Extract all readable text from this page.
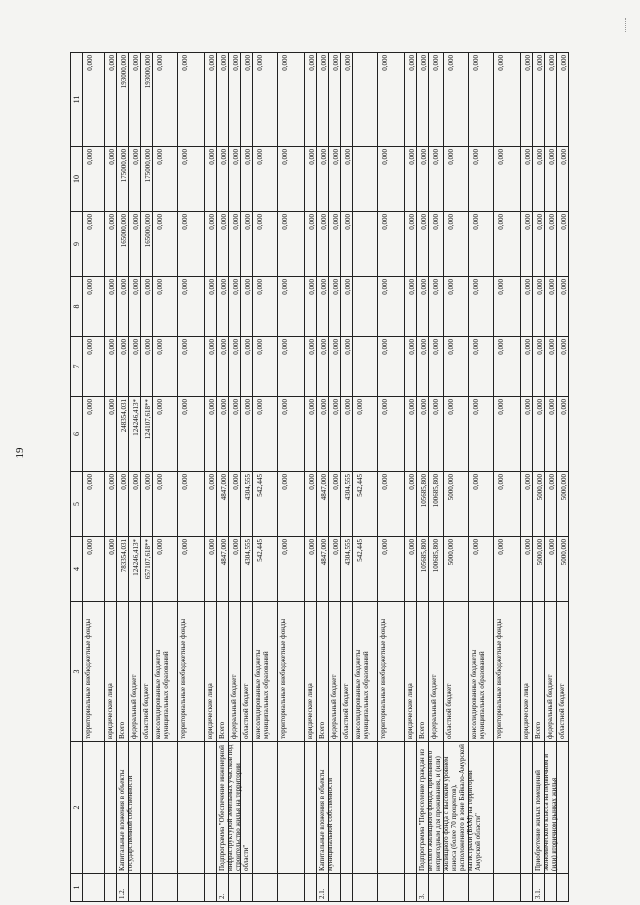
19
1
2
3
4
5
6
7
8
9
10
11
территориальные внебюджетные фонды
0,000
0,000
0,000
0,000
0,000
0,000
0,000
0,000
юридические лица
0,000
0,000
0,000
0,000
0,000
0,000
0,000
0,000
1.2.
Капитальные вложения в объекты государственной собственности
Всего
783354,031
0,000
248354,031
0,000
0,000
165000,000
175000,000
193000,000
федеральный бюджет
124246,413*
0,000
124246,413*
0,000
0,000
0,000
0,000
0,000
областной бюджет
657107,618**
0,000
124107,618**
0,000
0,000
165000,000
175000,000
193000,000
консолидированные бюджеты муниципальных образований
0,000
0,000
0,000
0,000
0,000
0,000
0,000
0,000
территориальные внебюджетные фонды
0,000
0,000
0,000
0,000
0,000
0,000
0,000
0,000
юридические лица
0,000
0,000
0,000
0,000
0,000
0,000
0,000
0,000
2.
Подпрограмма "Обеспечение инженерной инфраструктурой земельных участков под строительство жилья на территории области"
Всего
4847,000
4847,000
0,000
0,000
0,000
0,000
0,000
0,000
федеральный бюджет
0,000
0,000
0,000
0,000
0,000
0,000
0,000
0,000
областной бюджет
4304,555
4304,555
0,000
0,000
0,000
0,000
0,000
0,000
консолидированные бюджеты муниципальных образований
542,445
542,445
0,000
0,000
0,000
0,000
0,000
0,000
территориальные внебюджетные фонды
0,000
0,000
0,000
0,000
0,000
0,000
0,000
0,000
юридические лица
0,000
0,000
0,000
0,000
0,000
0,000
0,000
0,000
2.1.
Капитальные вложения в объекты муниципальной собственности
Всего
4847,000
4847,000
0,000
0,000
0,000
0,000
0,000
0,000
федеральный бюджет
0,000
0,000
0,000
0,000
0,000
0,000
0,000
0,000
областной бюджет
4304,555
4304,555
0,000
0,000
0,000
0,000
0,000
0,000
консолидированные бюджеты муниципальных образований
542,445
542,445
0,000
территориальные внебюджетные фонды
0,000
0,000
0,000
0,000
0,000
0,000
0,000
0,000
юридические лица
0,000
0,000
0,000
0,000
0,000
0,000
0,000
0,000
3.
Подпрограмма "Переселение граждан из ветхого жилищного фонда, признанного непригодным для проживания, и (или) жилищного фонда с высоким уровнем износа (более 70 процентов), расположенного в зоне Байкало-Амурской магистрали (БАМ) на территории Амурской области"
Всего
105685,800
105685,800
0,000
0,000
0,000
0,000
0,000
0,000
федеральный бюджет
100685,800
100685,800
0,000
0,000
0,000
0,000
0,000
0,000
областной бюджет
5000,000
5000,000
0,000
0,000
0,000
0,000
0,000
0,000
консолидированные бюджеты муниципальных образований
0,000
0,000
0,000
0,000
0,000
0,000
0,000
0,000
территориальные внебюджетные фонды
0,000
0,000
0,000
0,000
0,000
0,000
0,000
0,000
юридические лица
0,000
0,000
0,000
0,000
0,000
0,000
0,000
0,000
3.1.
Приобретение жилых помещений экономического класса на первичном и (или) вторичном рынках жилья
Всего
5000,000
5000,000
0,000
0,000
0,000
0,000
0,000
0,000
федеральный бюджет
0,000
0,000
0,000
0,000
0,000
0,000
0,000
0,000
областной бюджет
5000,000
5000,000
0,000
0,000
0,000
0,000
0,000
0,000
